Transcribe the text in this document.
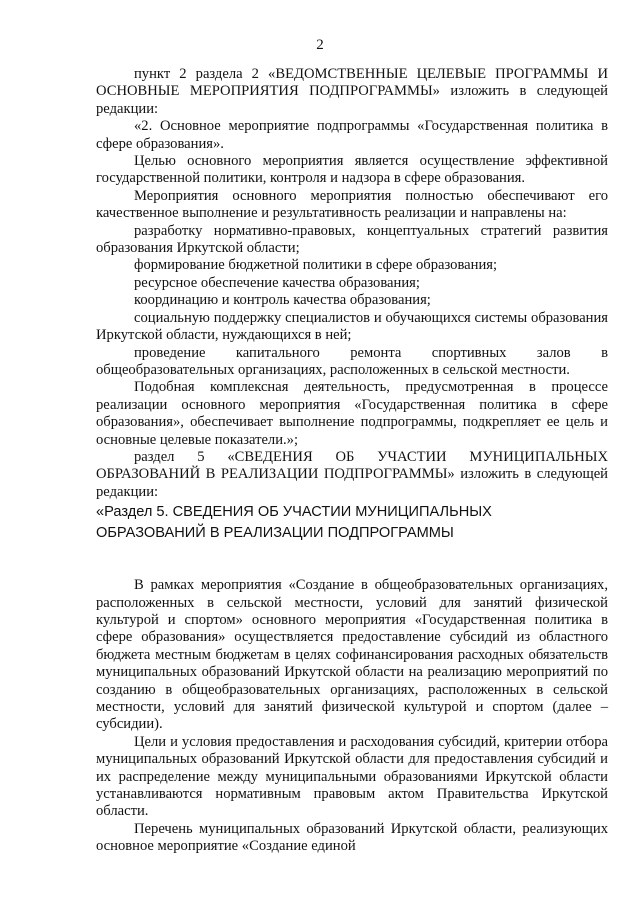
2

пункт 2 раздела 2 «ВЕДОМСТВЕННЫЕ ЦЕЛЕВЫЕ ПРОГРАММЫ И ОСНОВНЫЕ МЕРОПРИЯТИЯ ПОДПРОГРАММЫ» изложить в следующей редакции:

«2. Основное мероприятие подпрограммы «Государственная политика в сфере образования».

Целью основного мероприятия является осуществление эффективной государственной политики, контроля и надзора в сфере образования.

Мероприятия основного мероприятия полностью обеспечивают его качественное выполнение и результативность реализации и направлены на:

разработку нормативно-правовых, концептуальных стратегий развития образования Иркутской области;

формирование бюджетной политики в сфере образования;

ресурсное обеспечение качества образования;

координацию и контроль качества образования;

социальную поддержку специалистов и обучающихся системы образования Иркутской области, нуждающихся в ней;

проведение капитального ремонта спортивных залов в общеобразовательных организациях, расположенных в сельской местности.

Подобная комплексная деятельность, предусмотренная в процессе реализации основного мероприятия «Государственная политика в сфере образования», обеспечивает выполнение подпрограммы, подкрепляет ее цель и основные целевые показатели.»;

раздел 5 «СВЕДЕНИЯ ОБ УЧАСТИИ МУНИЦИПАЛЬНЫХ ОБРАЗОВАНИЙ В РЕАЛИЗАЦИИ ПОДПРОГРАММЫ» изложить в следующей редакции:

«Раздел 5. СВЕДЕНИЯ ОБ УЧАСТИИ МУНИЦИПАЛЬНЫХ

ОБРАЗОВАНИЙ В РЕАЛИЗАЦИИ ПОДПРОГРАММЫ

В рамках мероприятия «Создание в общеобразовательных организациях, расположенных в сельской местности, условий для занятий физической культурой и спортом» основного мероприятия «Государственная политика в сфере образования» осуществляется предоставление субсидий из областного бюджета местным бюджетам в целях софинансирования расходных обязательств муниципальных образований Иркутской области на реализацию мероприятий по созданию в общеобразовательных организациях, расположенных в сельской местности, условий для занятий физической культурой и спортом (далее – субсидии).

Цели и условия предоставления и расходования субсидий, критерии отбора муниципальных образований Иркутской области для предоставления субсидий и их распределение между муниципальными образованиями Иркутской области устанавливаются нормативным правовым актом Правительства Иркутской области.

Перечень муниципальных образований Иркутской области, реализующих основное мероприятие «Создание единой
